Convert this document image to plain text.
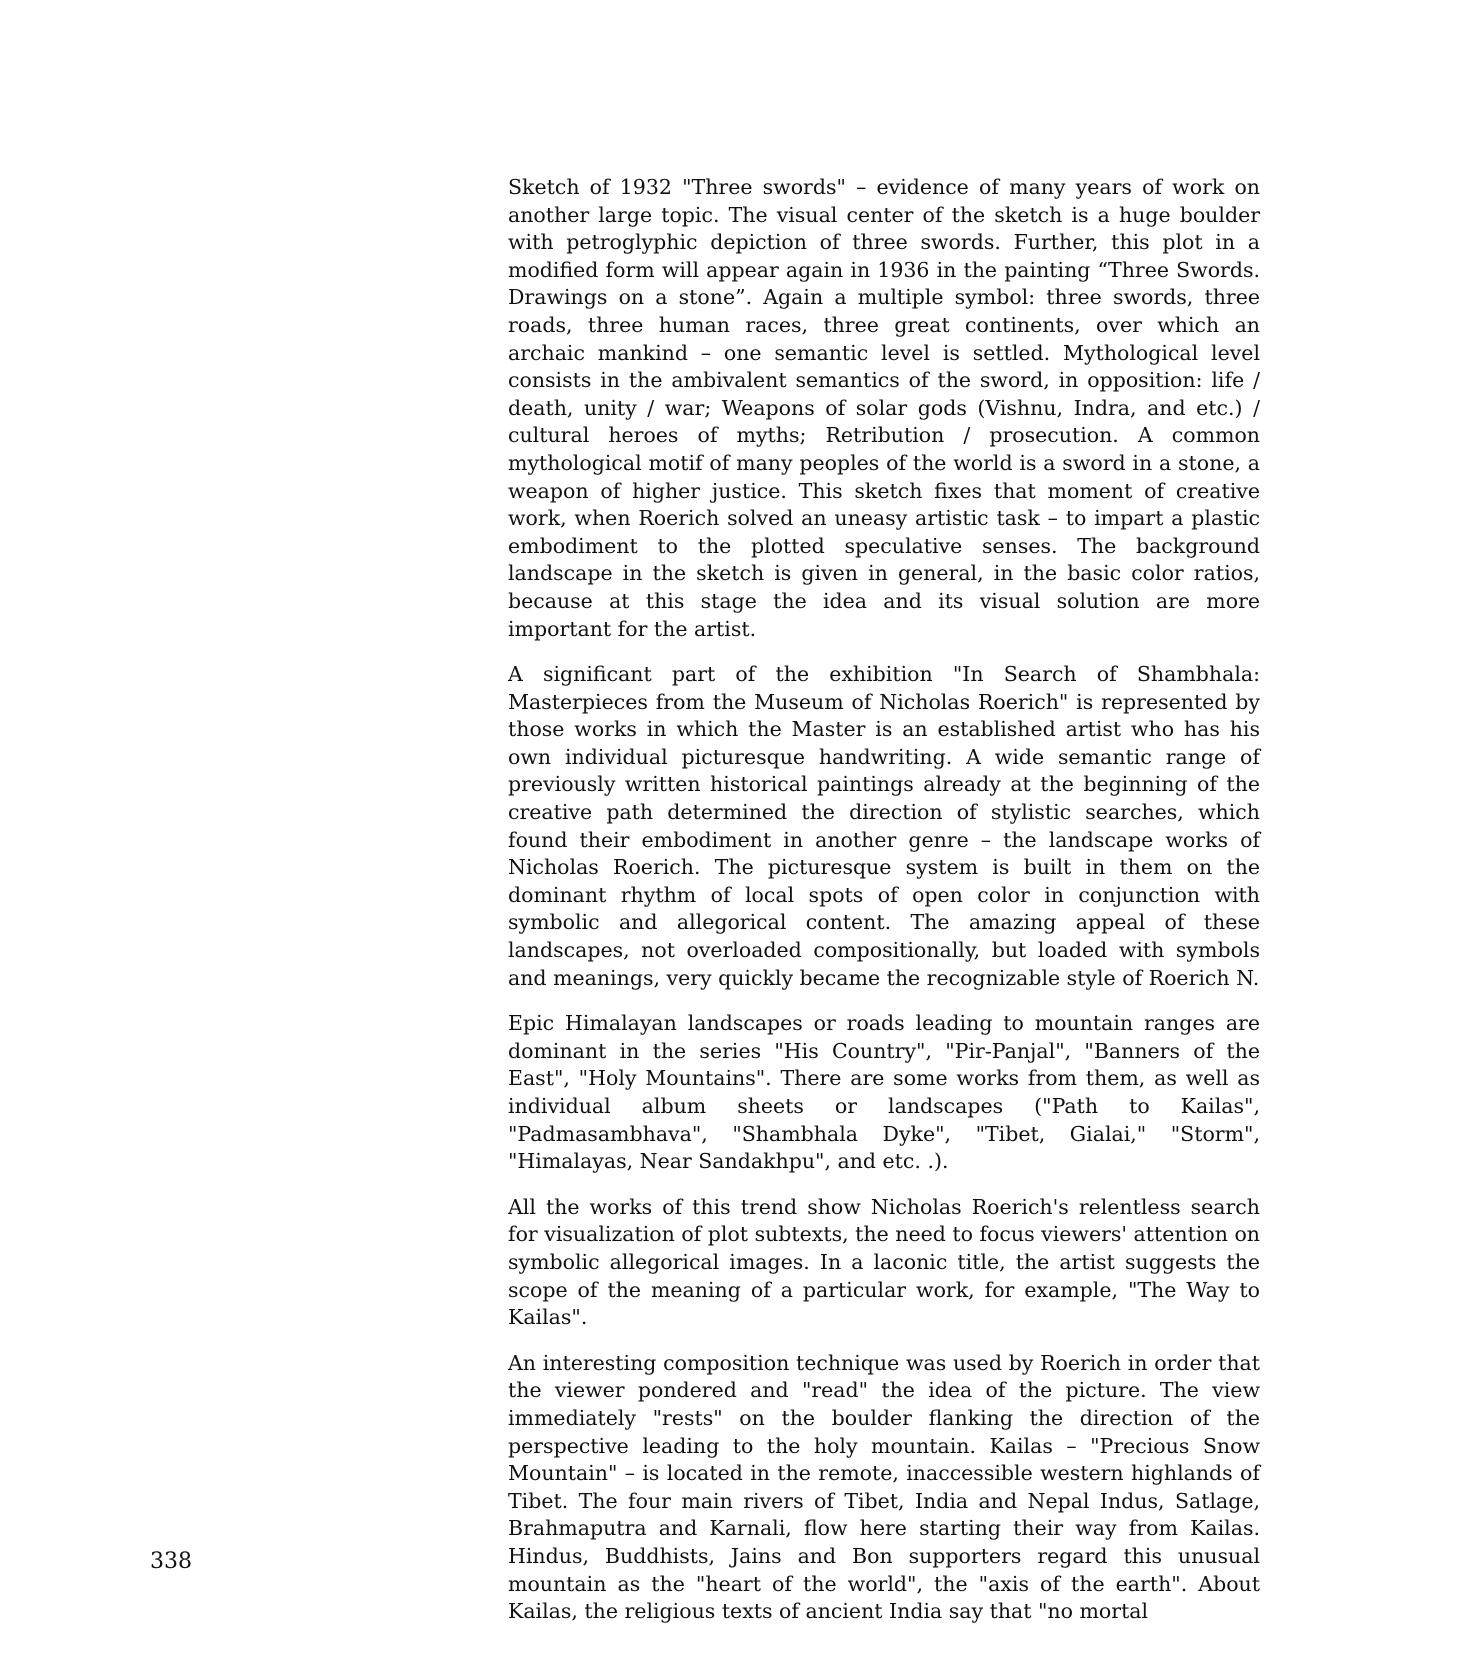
Sketch of 1932 "Three swords" – evidence of many years of work on another large topic. The visual center of the sketch is a huge boulder with petroglyphic depiction of three swords. Further, this plot in a modified form will appear again in 1936 in the painting “Three Swords. Drawings on a stone”. Again a multiple symbol: three swords, three roads, three human races, three great continents, over which an archaic mankind – one semantic level is settled. Mythological level consists in the ambivalent semantics of the sword, in opposition: life / death, unity / war; Weapons of solar gods (Vishnu, Indra, and etc.) / cultural heroes of myths; Retribution / prosecution. A common mythological motif of many peoples of the world is a sword in a stone, a weapon of higher justice. This sketch fixes that moment of creative work, when Roerich solved an uneasy artistic task – to impart a plastic embodiment to the plotted speculative senses. The background landscape in the sketch is given in general, in the basic color ratios, because at this stage the idea and its visual solution are more important for the artist.

A significant part of the exhibition "In Search of Shambhala: Masterpieces from the Museum of Nicholas Roerich" is represented by those works in which the Master is an established artist who has his own individual picturesque handwriting. A wide semantic range of previously written historical paintings already at the beginning of the creative path determined the direction of stylistic searches, which found their embodiment in another genre – the landscape works of Nicholas Roerich. The picturesque system is built in them on the dominant rhythm of local spots of open color in conjunction with symbolic and allegorical content. The amazing appeal of these landscapes, not overloaded compositionally, but loaded with symbols and meanings, very quickly became the recognizable style of Roerich N.

Epic Himalayan landscapes or roads leading to mountain ranges are dominant in the series "His Country", "Pir-Panjal", "Banners of the East", "Holy Mountains". There are some works from them, as well as individual album sheets or landscapes ("Path to Kailas", "Padmasambhava", "Shambhala Dyke", "Tibet, Gialai," "Storm", "Himalayas, Near Sandakhpu", and etc. .).

All the works of this trend show Nicholas Roerich's relentless search for visualization of plot subtexts, the need to focus viewers' attention on symbolic allegorical images. In a laconic title, the artist suggests the scope of the meaning of a particular work, for example, "The Way to Kailas".

An interesting composition technique was used by Roerich in order that the viewer pondered and "read" the idea of the picture. The view immediately "rests" on the boulder flanking the direction of the perspective leading to the holy mountain. Kailas – "Precious Snow Mountain" – is located in the remote, inaccessible western highlands of Tibet. The four main rivers of Tibet, India and Nepal Indus, Satlage, Brahmaputra and Karnali, flow here starting their way from Kailas. Hindus, Buddhists, Jains and Bon supporters regard this unusual mountain as the "heart of the world", the "axis of the earth". About Kailas, the religious texts of ancient India say that "no mortal

338
